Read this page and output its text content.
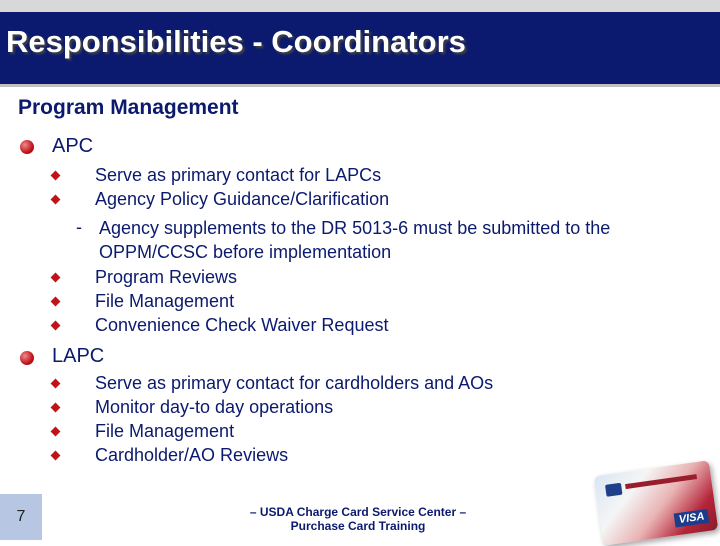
Responsibilities - Coordinators
Program Management
APC
Serve as primary contact for LAPCs
Agency Policy Guidance/Clarification
- Agency supplements to the DR 5013-6 must be submitted to the OPPM/CCSC before implementation
Program Reviews
File Management
Convenience Check Waiver Request
LAPC
Serve as primary contact for cardholders and AOs
Monitor day-to day operations
File Management
Cardholder/AO Reviews
7	– USDA Charge Card Service Center –
Purchase Card Training
VISA
